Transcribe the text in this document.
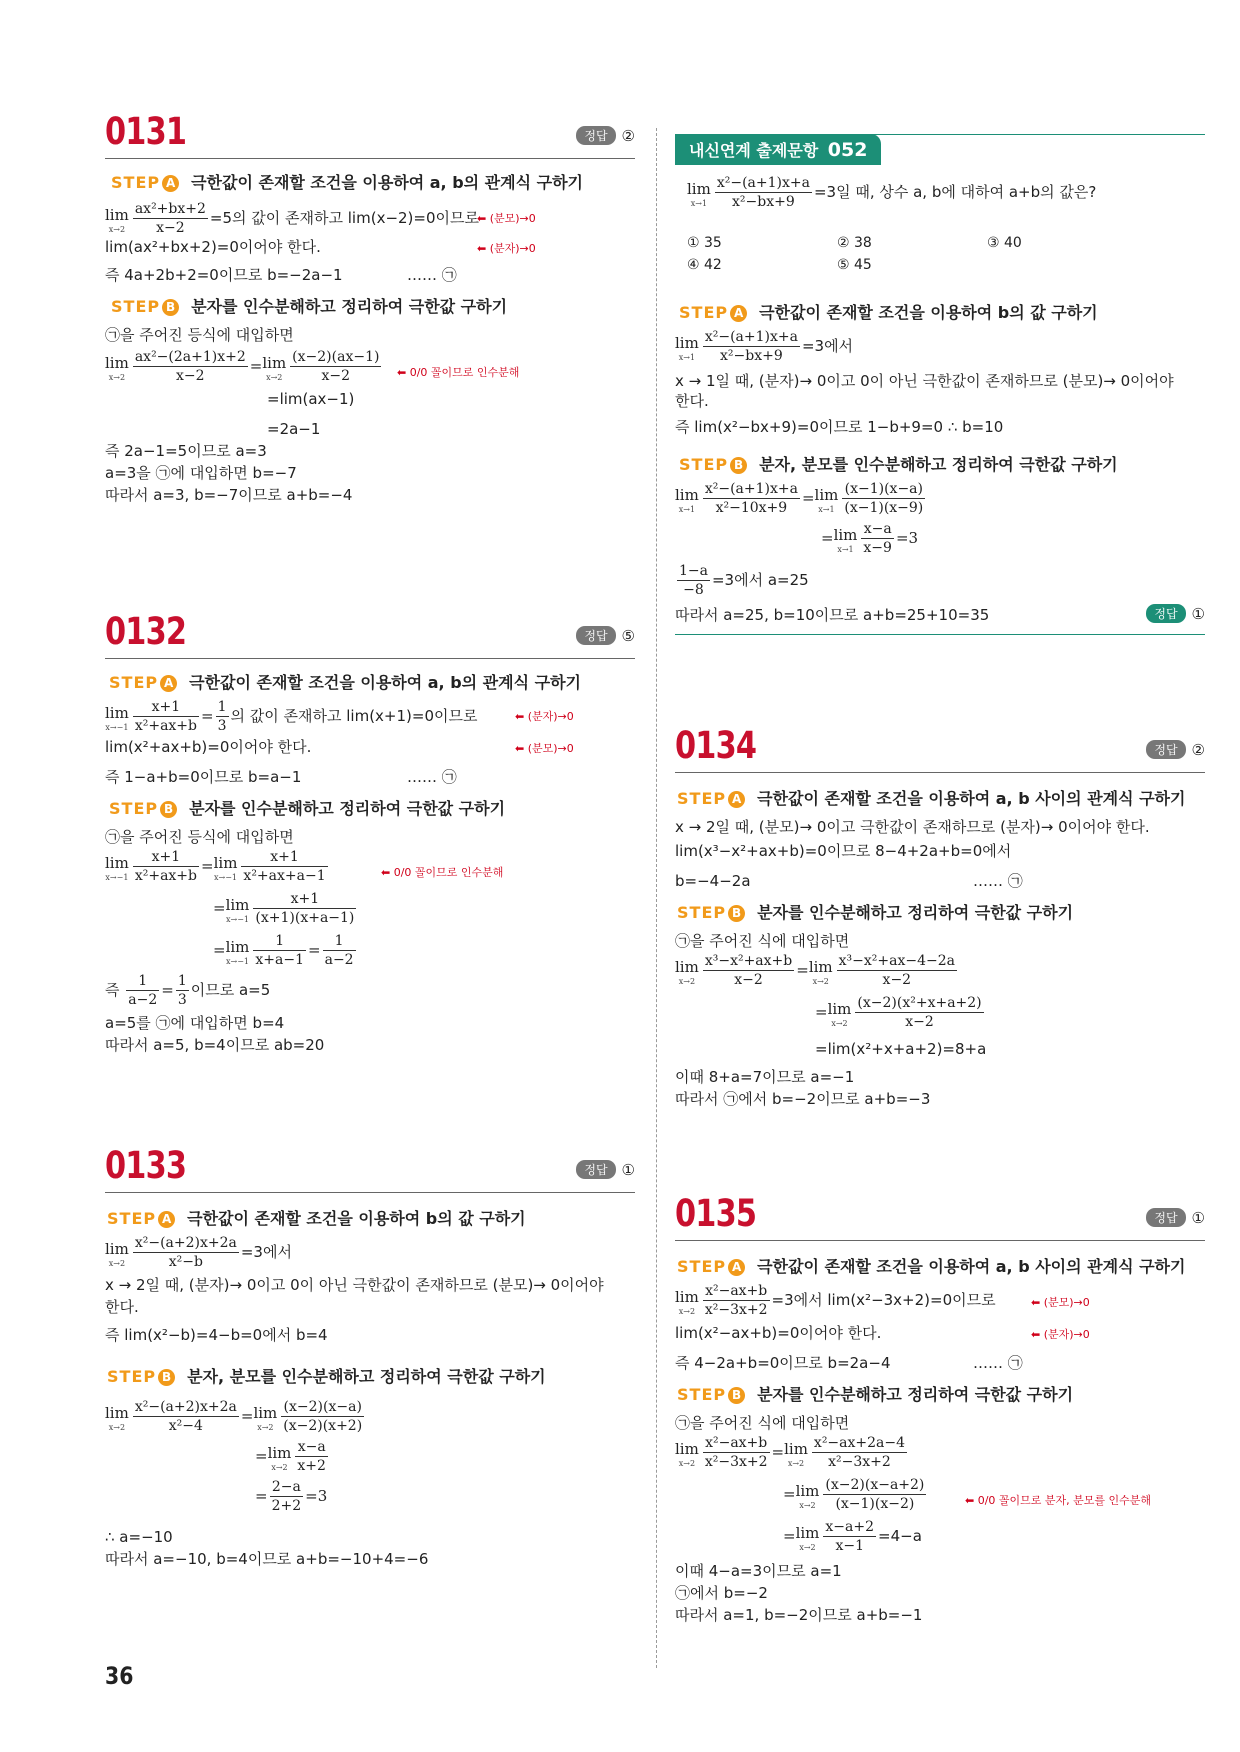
0131	정답 ②
STEP A 극한값이 존재할 조건을 이용하여 a, b의 관계식 구하기
lim
$x\to 2 \frac{\text{ax²+bx+2}}{x-2} =5$의 값이 존재하고 lim(x−2)=0이므로
⬅ (분모)→0
lim(ax²+bx+2)=0이어야 한다.	⬅ (분자)→0
즉 4a+2b+2=0이므로 b=−2a−1	…… ㉠
STEP B 분자를 인수분해하고 정리하여 극한값 구하기
㉠을 주어진 등식에 대입하면
lim
$x\to 2 \frac{\text{ax²−(2a+1)x+2}}{x-2} =\lim$
$x\to 2 \frac{(x-2)(ax-1)}{x-2}$ ⬅ 0/0 꼴이므로 인수분해
=lim(ax−1)
=2a−1
즉 2a−1=5이므로 a=3
a=3을 ㉠에 대입하면 b=−7
따라서 a=3, b=−7이므로 a+b=−4
0132	정답 ⑤
STEP A 극한값이 존재할 조건을 이용하여 a, b의 관계식 구하기
lim
$x\to-1 \frac{x+1}{\text{x²+ax+b}} = \frac{1}{3}$ 의 값이 존재하고 lim(x+1)=0이므로	⬅ (분자)→0
lim(x²+ax+b)=0이어야 한다.	⬅ (분모)→0
즉 1−a+b=0이므로 b=a−1	…… ㉠
STEP B 분자를 인수분해하고 정리하여 극한값 구하기
㉠을 주어진 등식에 대입하면
lim
$x\to-1 \frac{x+1}{\text{x²+ax+b}} =\lim$
$x\to-1 \frac{x+1}{\text{x²+ax+a−1}}$	⬅ 0/0 꼴이므로 인수분해
=lim
$x\to-1 \frac{x+1}{(x+1)(x+a-1)}$
=lim
$x\to-1 \frac{1}{x+a-1} = \frac{1}{a-2}$
즉 $\frac{1}{a-2} = \frac{1}{3}$ 이므로 a=5
a=5를 ㉠에 대입하면 b=4
따라서 a=5, b=4이므로 ab=20
0133	정답 ①
STEP A 극한값이 존재할 조건을 이용하여 b의 값 구하기
lim
$x\to 2 \frac{\text{x²−(a+2)x+2a}}{\text{x²−b}} =3$에서
x → 2일 때, (분자)→ 0이고 0이 아닌 극한값이 존재하므로 (분모)→ 0이어야
한다.
즉 lim(x²−b)=4−b=0에서 b=4
STEP B 분자, 분모를 인수분해하고 정리하여 극한값 구하기
lim
$x\to 2 \frac{\text{x²−(a+2)x+2a}}{\text{x²−4}} =\lim$
$x\to 2 \frac{(x-2)(x-a)}{(x-2)(x+2)}$
=lim
$x\to 2 \frac{x-a}{x+2}$
= $\frac{2-a}{2+2} =3$
∴ a=−10
따라서 a=−10, b=4이므로 a+b=−10+4=−6
36
내신연계 출제문항 052
lim
$x\to 1 \frac{\text{x²−(a+1)x+a}}{\text{x²−bx+9}} =3$일 때, 상수 a, b에 대하여 a+b의 값은?
① 35	② 38	③ 40
④ 42	⑤ 45
STEP A 극한값이 존재할 조건을 이용하여 b의 값 구하기
lim
$x\to 1 \frac{\text{x²−(a+1)x+a}}{\text{x²−bx+9}} =3$에서
x → 1일 때, (분자)→ 0이고 0이 아닌 극한값이 존재하므로 (분모)→ 0이어야
한다.
즉 lim(x²−bx+9)=0이므로 1−b+9=0 ∴ b=10
STEP B 분자, 분모를 인수분해하고 정리하여 극한값 구하기
lim
$x\to 1 \frac{\text{x²−(a+1)x+a}}{\text{x²−10x+9}} =\lim$
$x\to 1 \frac{(x-1)(x-a)}{(x-1)(x-9)}$
=lim
$x\to 1 \frac{x-a}{x-9} =3$
$\frac{1-a}{-8} =3$에서 a=25
따라서 a=25, b=10이므로 a+b=25+10=35	정답 ①
0134	정답 ②
STEP A 극한값이 존재할 조건을 이용하여 a, b 사이의 관계식 구하기
x → 2일 때, (분모)→ 0이고 극한값이 존재하므로 (분자)→ 0이어야 한다.
lim(x³−x²+ax+b)=0이므로 8−4+2a+b=0에서
b=−4−2a	…… ㉠
STEP B 분자를 인수분해하고 정리하여 극한값 구하기
㉠을 주어진 식에 대입하면
lim
$x\to 2 \frac{\text{x³−x²+ax+b}}{x-2} =\lim$
$x\to 2 \frac{\text{x³−x²+ax−4−2a}}{x-2}$
=lim
$x\to 2 \frac{\text{(x−2)(x²+x+a+2)}}{x-2}$
=lim(x²+x+a+2)=8+a
이때 8+a=7이므로 a=−1
따라서 ㉠에서 b=−2이므로 a+b=−3
0135	정답 ①
STEP A 극한값이 존재할 조건을 이용하여 a, b 사이의 관계식 구하기
lim
$x\to 2 \frac{\text{x²−ax+b}}{\text{x²−3x+2}} =3$에서 lim(x²−3x+2)=0이므로	⬅ (분모)→0
lim(x²−ax+b)=0이어야 한다.	⬅ (분자)→0
즉 4−2a+b=0이므로 b=2a−4	…… ㉠
STEP B 분자를 인수분해하고 정리하여 극한값 구하기
㉠을 주어진 식에 대입하면
lim
$x\to 2 \frac{\text{x²−ax+b}}{\text{x²−3x+2}} =\lim$
$x\to 2 \frac{\text{x²−ax+2a−4}}{\text{x²−3x+2}}$
=lim
$x\to 2 \frac{(x-2)(x-a+2)}{(x-1)(x-2)}$	⬅ 0/0 꼴이므로 분자, 분모를 인수분해
=lim
$x\to 2 \frac{x-a+2}{x-1} =4-a$
이때 4−a=3이므로 a=1
㉠에서 b=−2
따라서 a=1, b=−2이므로 a+b=−1
